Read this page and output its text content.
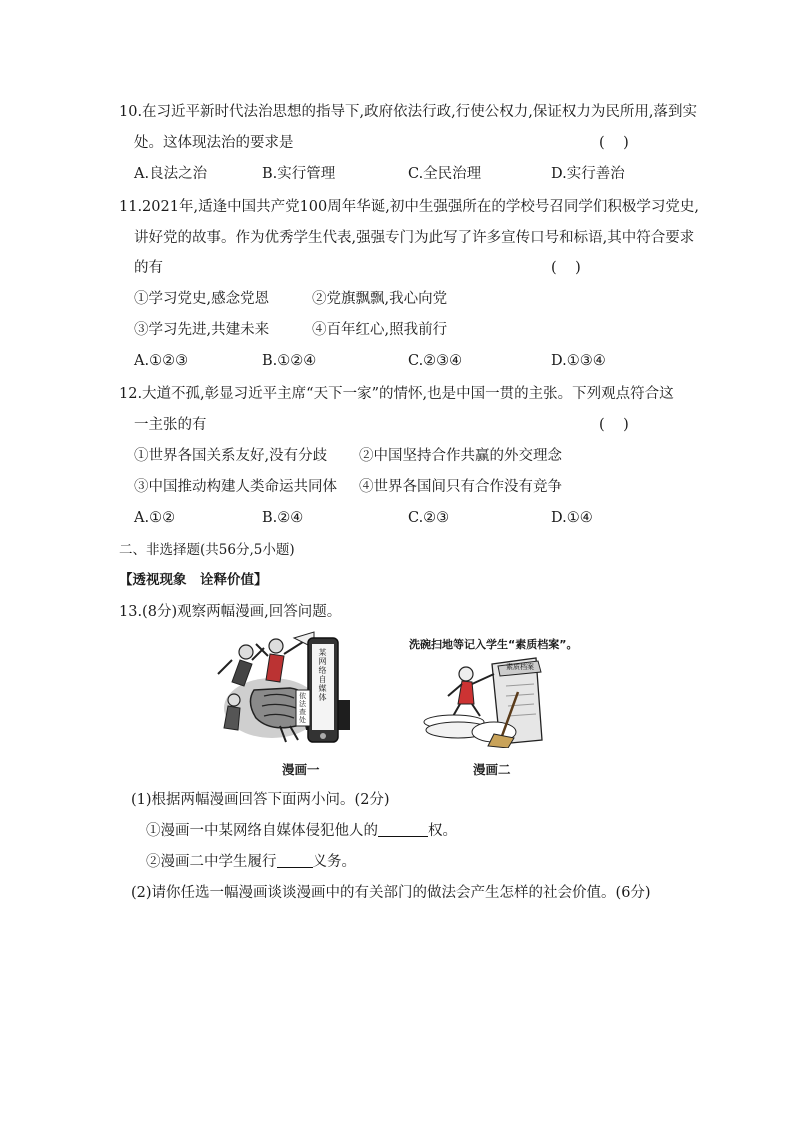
10.在习近平新时代法治思想的指导下,政府依法行政,行使公权力,保证权力为民所用,落到实
处。这体现法治的要求是	(    )
A.良法之治	B.实行管理	C.全民治理	D.实行善治
11.2021年,适逢中国共产党100周年华诞,初中生强强所在的学校号召同学们积极学习党史,
讲好党的故事。作为优秀学生代表,强强专门为此写了许多宣传口号和标语,其中符合要求
的有	(    )
①学习党史,感念党恩	②党旗飘飘,我心向党
③学习先进,共建未来	④百年红心,照我前行
A.①②③	B.①②④	C.②③④	D.①③④
12.大道不孤,彰显习近平主席“天下一家”的情怀,也是中国一贯的主张。下列观点符合这
一主张的有	(    )
①世界各国关系友好,没有分歧 ②中国坚持合作共赢的外交理念
③中国推动构建人类命运共同体 ④世界各国间只有合作没有竞争
A.①②	B.②④	C.②③	D.①④
二、非选择题(共56分,5小题)
【透视现象　诠释价值】
13.(8分)观察两幅漫画,回答问题。
某网络自媒体
依法查处
洗碗扫地等记入学生“素质档案”。
素质档案
漫画一	漫画二
(1)根据两幅漫画回答下面两小问。(2分)
①漫画一中某网络自媒体侵犯他人的	权。
②漫画二中学生履行 义务。
(2)请你任选一幅漫画谈谈漫画中的有关部门的做法会产生怎样的社会价值。(6分)
